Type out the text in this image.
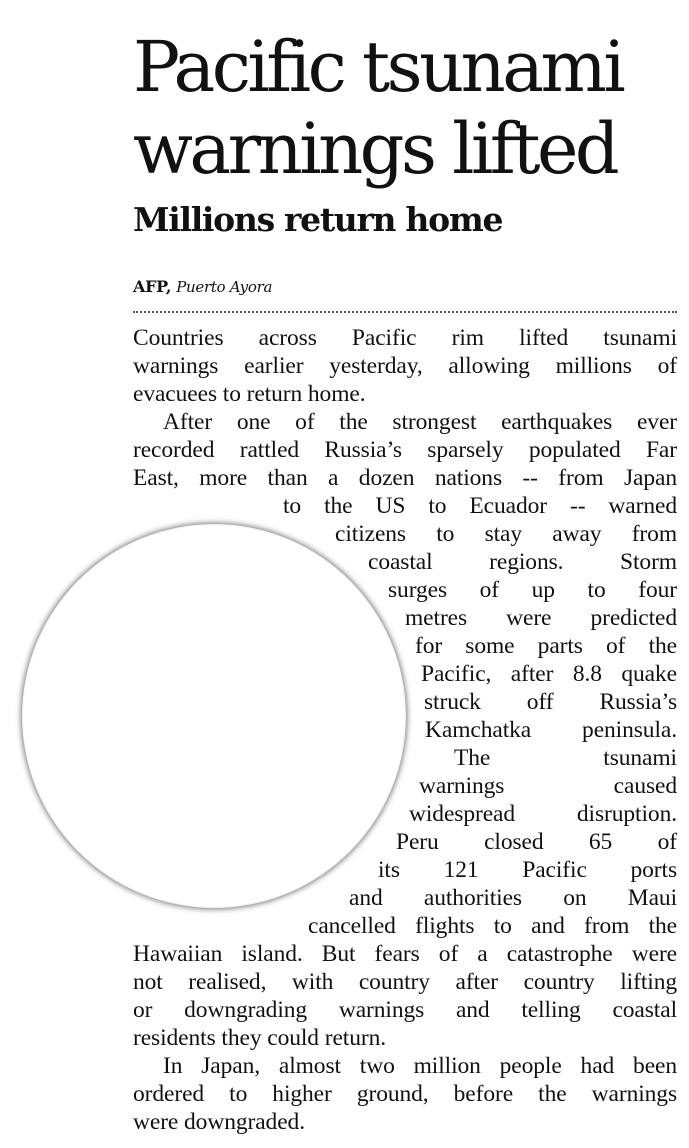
Pacific tsunami
warnings lifted
Millions return home
AFP, Puerto Ayora
Countries across Pacific rim lifted tsunami
warnings earlier yesterday, allowing millions of
evacuees to return home.
After one of the strongest earthquakes ever
recorded rattled Russia’s sparsely populated Far
East, more than a dozen nations -- from Japan
to the US to Ecuador -- warned
citizens to stay away from
coastal regions. Storm
surges of up to four
metres were predicted
for some parts of the
Pacific, after 8.8 quake
struck off Russia’s
Kamchatka peninsula.
The tsunami
warnings caused
widespread disruption.
Peru closed 65 of
its 121 Pacific ports
and authorities on Maui
cancelled flights to and from the
Hawaiian island. But fears of a catastrophe were
not realised, with country after country lifting
or downgrading warnings and telling coastal
residents they could return.
In Japan, almost two million people had been
ordered to higher ground, before the warnings
were downgraded.
